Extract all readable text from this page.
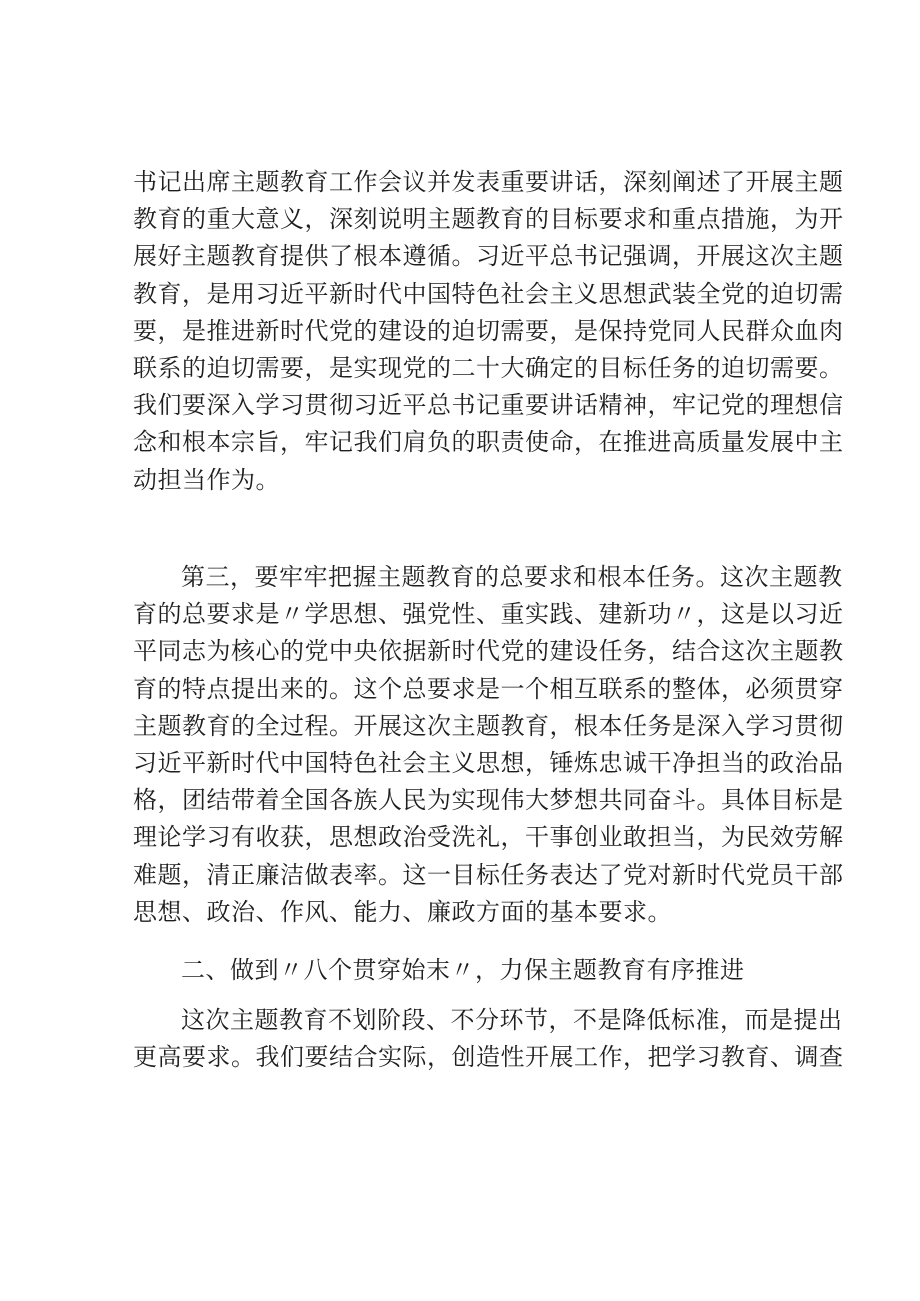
书记出席主题教育工作会议并发表重要讲话，深刻阐述了开展主题
教育的重大意义，深刻说明主题教育的目标要求和重点措施，为开
展好主题教育提供了根本遵循。习近平总书记强调，开展这次主题
教育，是用习近平新时代中国特色社会主义思想武装全党的迫切需
要，是推进新时代党的建设的迫切需要，是保持党同人民群众血肉
联系的迫切需要，是实现党的二十大确定的目标任务的迫切需要。
我们要深入学习贯彻习近平总书记重要讲话精神，牢记党的理想信
念和根本宗旨，牢记我们肩负的职责使命，在推进高质量发展中主
动担当作为。
第三，要牢牢把握主题教育的总要求和根本任务。这次主题教
育的总要求是〃学思想、强党性、重实践、建新功〃，这是以习近
平同志为核心的党中央依据新时代党的建设任务，结合这次主题教
育的特点提出来的。这个总要求是一个相互联系的整体，必须贯穿
主题教育的全过程。开展这次主题教育，根本任务是深入学习贯彻
习近平新时代中国特色社会主义思想，锤炼忠诚干净担当的政治品
格，团结带着全国各族人民为实现伟大梦想共同奋斗。具体目标是
理论学习有收获，思想政治受洗礼，干事创业敢担当，为民效劳解
难题，清正廉洁做表率。这一目标任务表达了党对新时代党员干部
思想、政治、作风、能力、廉政方面的基本要求。
二、做到〃八个贯穿始末〃，力保主题教育有序推进
这次主题教育不划阶段、不分环节，不是降低标准，而是提出
更高要求。我们要结合实际，创造性开展工作，把学习教育、调查
